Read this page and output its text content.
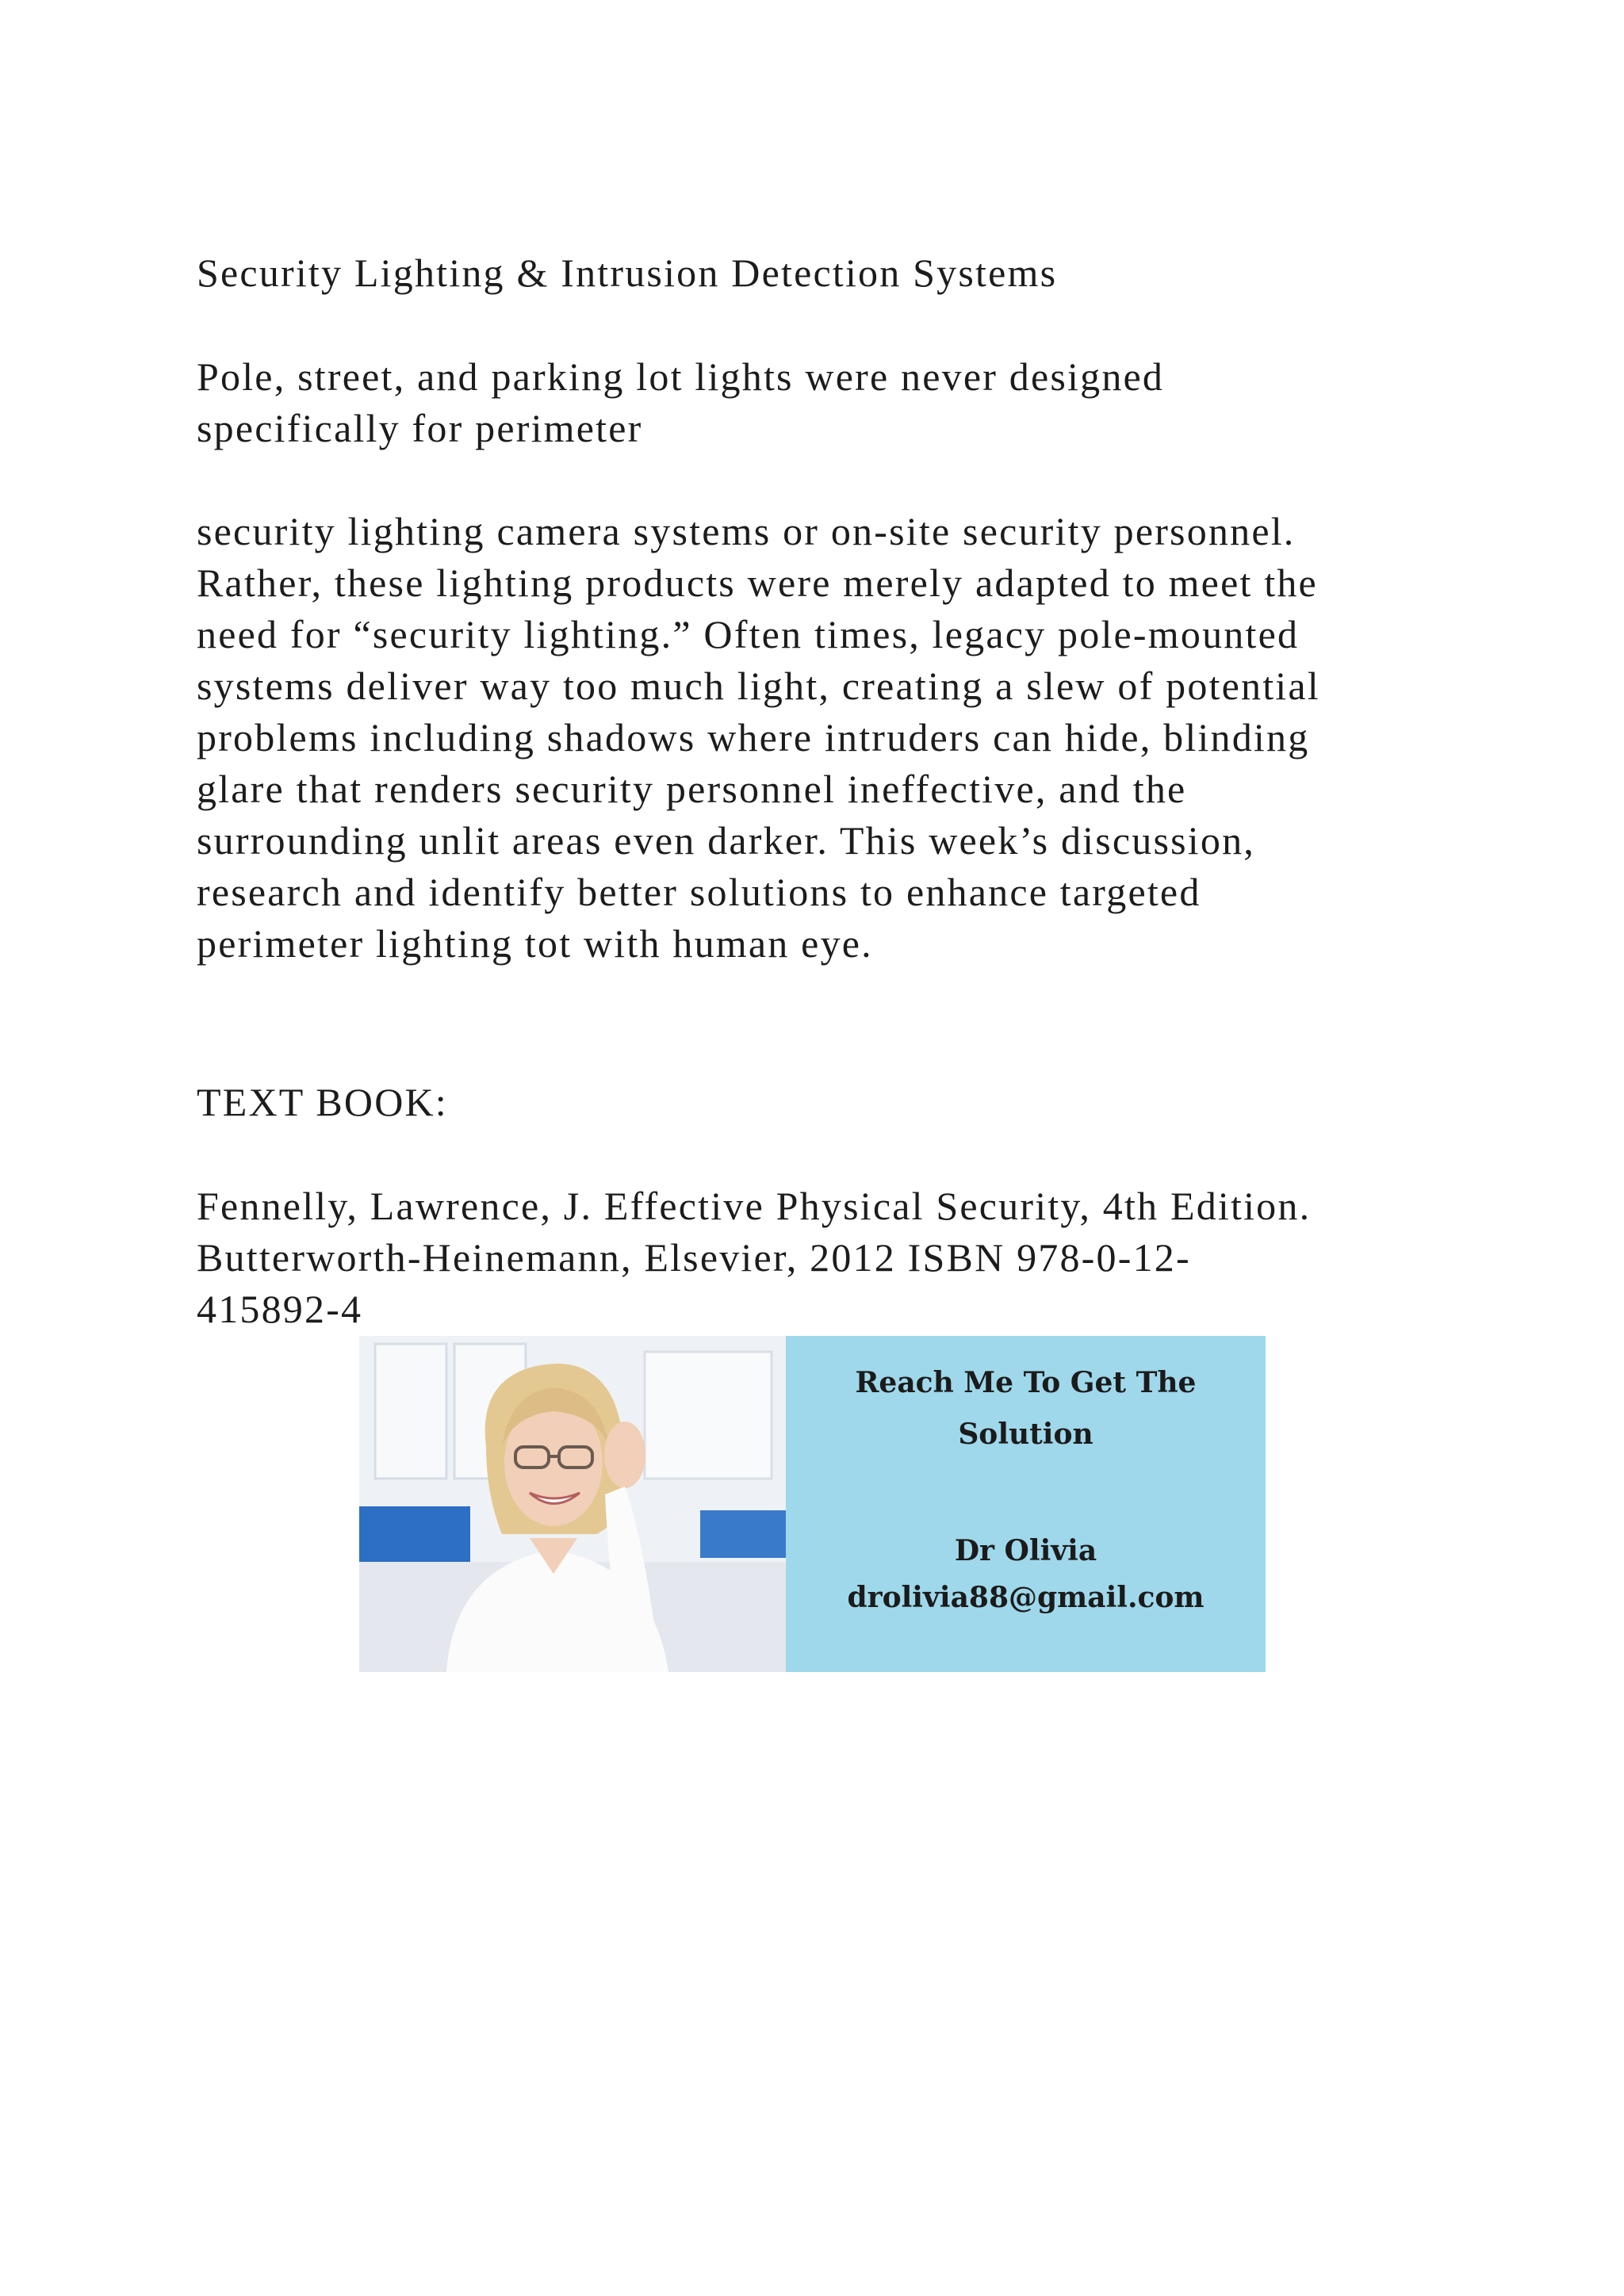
Security Lighting & Intrusion Detection Systems
Pole, street, and parking lot lights were never designed
specifically for perimeter
security lighting camera systems or on-site security personnel.
Rather, these lighting products were merely adapted to meet the
need for “security lighting.” Often times, legacy pole-mounted
systems deliver way too much light, creating a slew of potential
problems including shadows where intruders can hide, blinding
glare that renders security personnel ineffective, and the
surrounding unlit areas even darker. This week’s discussion,
research and identify better solutions to enhance targeted
perimeter lighting tot with human eye.
TEXT BOOK:
Fennelly, Lawrence, J. Effective Physical Security, 4th Edition.
Butterworth-Heinemann, Elsevier, 2012 ISBN 978-0-12-
415892-4
Reach Me To Get The
Solution
Dr Olivia
drolivia88@gmail.com
